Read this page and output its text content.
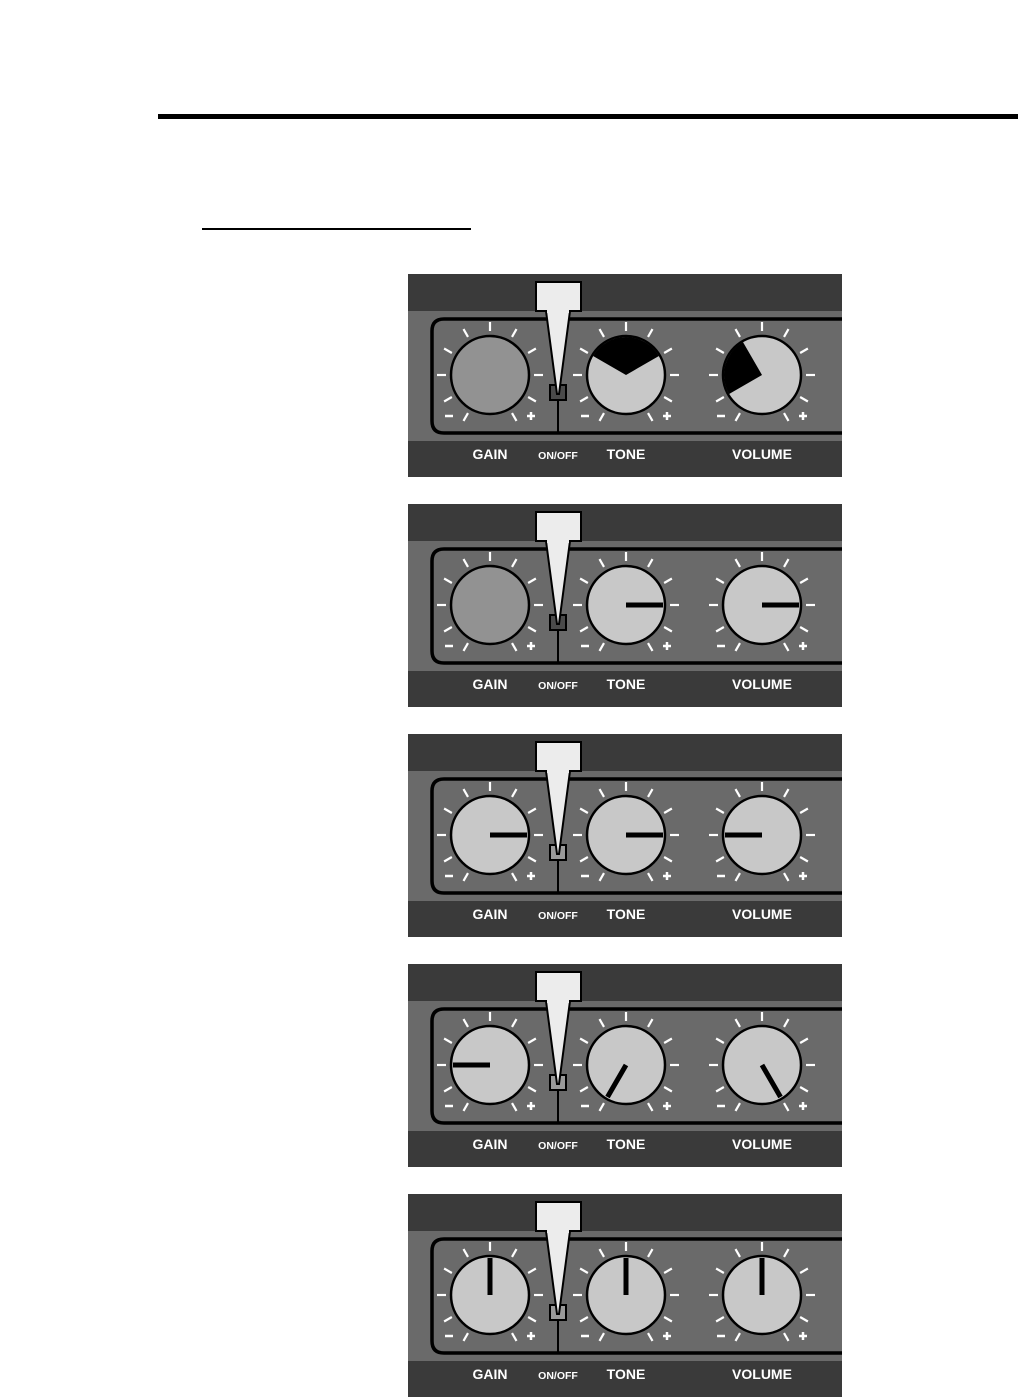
GAIN	ON/OFF TONE	VOLUME
GAIN	ON/OFF TONE	VOLUME
GAIN	ON/OFF TONE	VOLUME
GAIN	ON/OFF TONE	VOLUME
GAIN	ON/OFF TONE	VOLUME
